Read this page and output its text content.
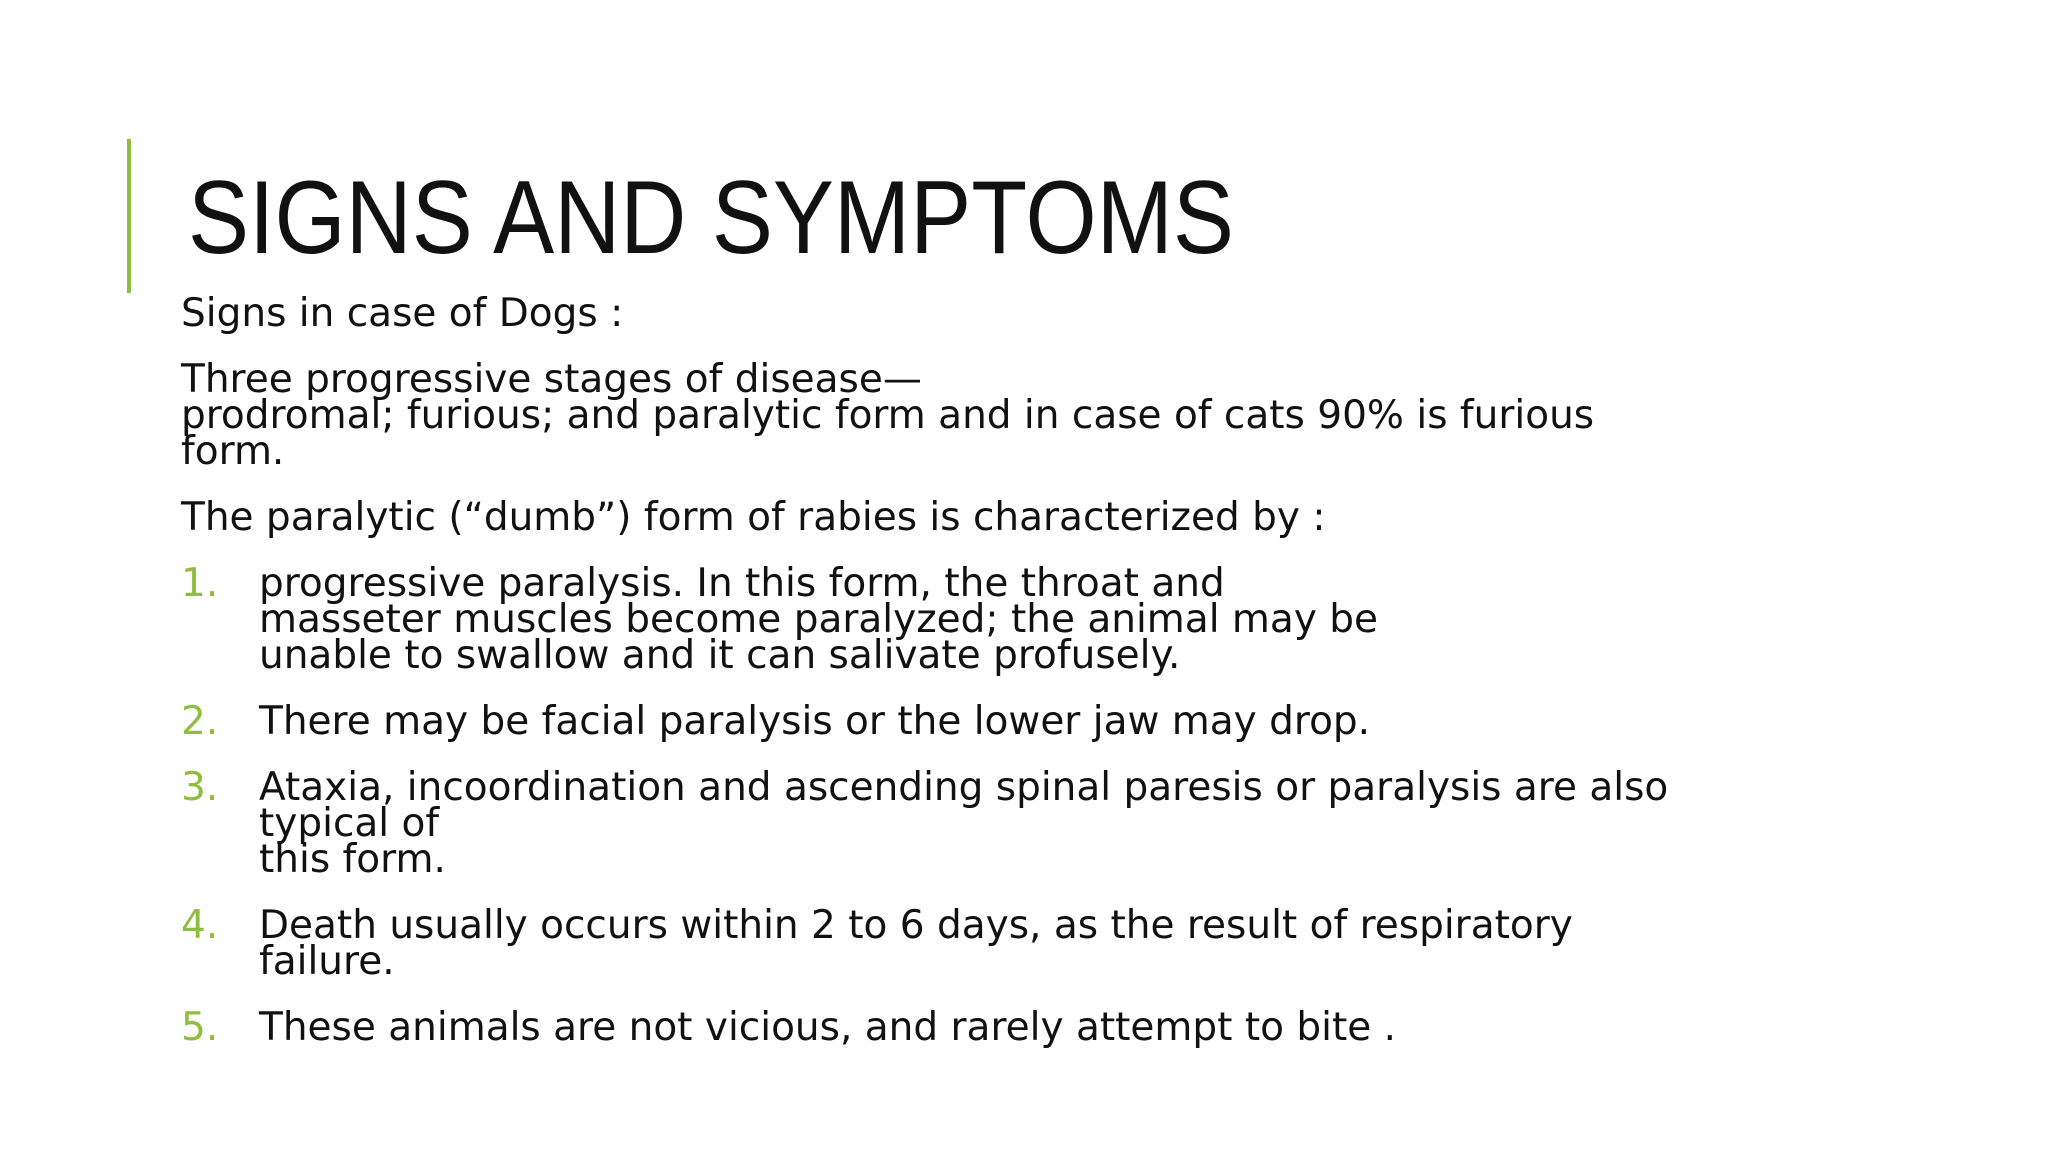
SIGNS AND SYMPTOMS

Signs in case of Dogs :

Three progressive stages of disease—
prodromal; furious; and paralytic form and in case of cats 90% is furious
form.

The paralytic (“dumb”) form of rabies is characterized by :

1. progressive paralysis. In this form, the throat and
masseter muscles become paralyzed; the animal may be
unable to swallow and it can salivate profusely.
2. There may be facial paralysis or the lower jaw may drop.
3. Ataxia, incoordination and ascending spinal paresis or paralysis are also
typical of
this form.
4. Death usually occurs within 2 to 6 days, as the result of respiratory
failure.
5. These animals are not vicious, and rarely attempt to bite .
